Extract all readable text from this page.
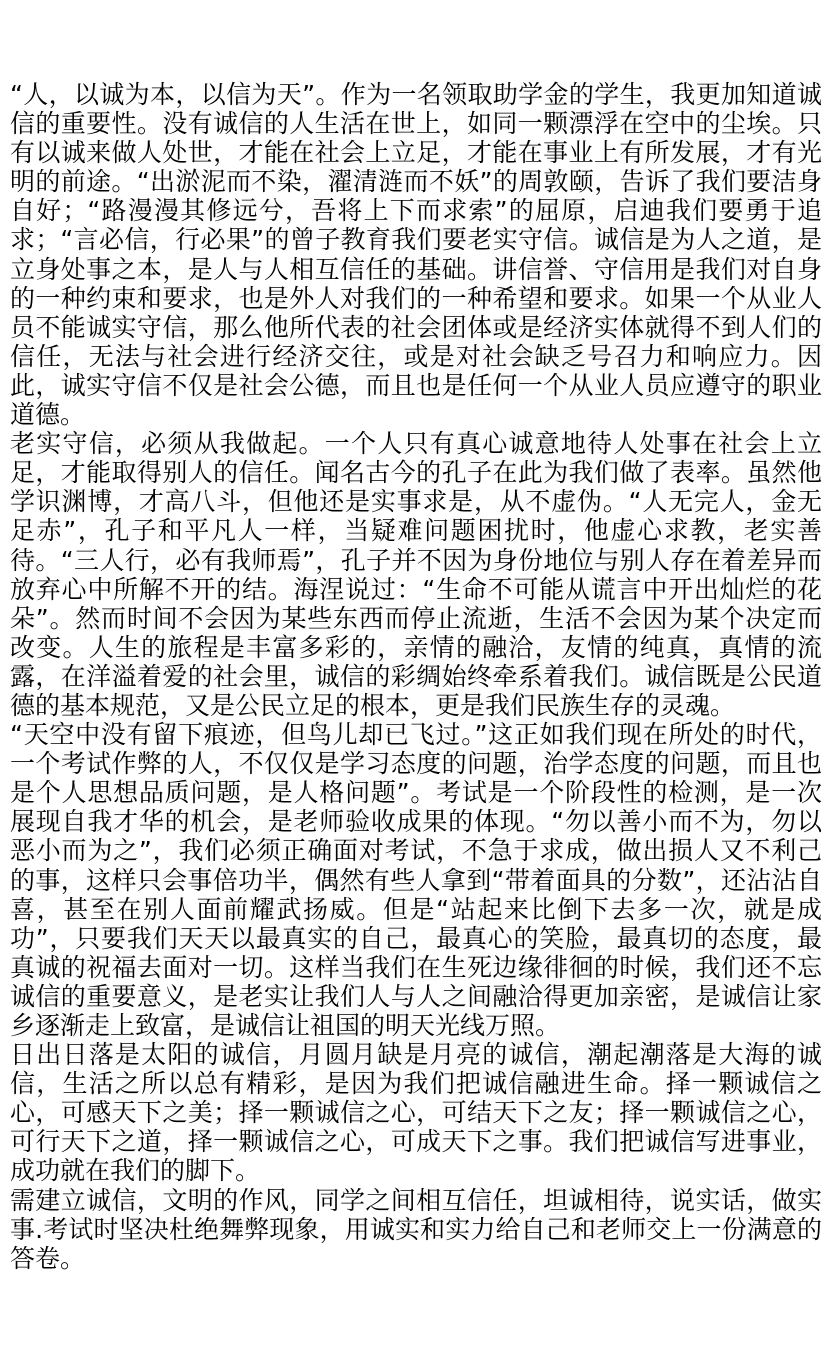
“人，以诚为本，以信为天”。作为一名领取助学金的学生，我更加知道诚信的重要性。没有诚信的人生活在世上，如同一颗漂浮在空中的尘埃。只有以诚来做人处世，才能在社会上立足，才能在事业上有所发展，才有光明的前途。“出淤泥而不染，濯清涟而不妖”的周敦颐，告诉了我们要洁身自好；“路漫漫其修远兮，吾将上下而求索”的屈原，启迪我们要勇于追求；“言必信，行必果”的曾子教育我们要老实守信。诚信是为人之道，是立身处事之本，是人与人相互信任的基础。讲信誉、守信用是我们对自身的一种约束和要求，也是外人对我们的一种希望和要求。如果一个从业人员不能诚实守信，那么他所代表的社会团体或是经济实体就得不到人们的信任，无法与社会进行经济交往，或是对社会缺乏号召力和响应力。因此，诚实守信不仅是社会公德，而且也是任何一个从业人员应遵守的职业道德。

老实守信，必须从我做起。一个人只有真心诚意地待人处事在社会上立足，才能取得别人的信任。闻名古今的孔子在此为我们做了表率。虽然他学识渊博，才高八斗，但他还是实事求是，从不虚伪。“人无完人，金无足赤”，孔子和平凡人一样，当疑难问题困扰时，他虚心求教，老实善待。“三人行，必有我师焉”，孔子并不因为身份地位与别人存在着差异而放弃心中所解不开的结。海涅说过：“生命不可能从谎言中开出灿烂的花朵”。然而时间不会因为某些东西而停止流逝，生活不会因为某个决定而改变。人生的旅程是丰富多彩的，亲情的融洽，友情的纯真，真情的流露，在洋溢着爱的社会里，诚信的彩绸始终牵系着我们。诚信既是公民道德的基本规范，又是公民立足的根本，更是我们民族生存的灵魂。

“天空中没有留下痕迹，但鸟儿却已飞过。”这正如我们现在所处的时代，一个考试作弊的人，不仅仅是学习态度的问题，治学态度的问题，而且也是个人思想品质问题，是人格问题”。考试是一个阶段性的检测，是一次展现自我才华的机会，是老师验收成果的体现。“勿以善小而不为，勿以恶小而为之”，我们必须正确面对考试，不急于求成，做出损人又不利己的事，这样只会事倍功半，偶然有些人拿到“带着面具的分数”，还沾沾自喜，甚至在别人面前耀武扬威。但是“站起来比倒下去多一次，就是成功”，只要我们天天以最真实的自己，最真心的笑脸，最真切的态度，最真诚的祝福去面对一切。这样当我们在生死边缘徘徊的时候，我们还不忘诚信的重要意义，是老实让我们人与人之间融洽得更加亲密，是诚信让家乡逐渐走上致富，是诚信让祖国的明天光线万照。

日出日落是太阳的诚信，月圆月缺是月亮的诚信，潮起潮落是大海的诚信，生活之所以总有精彩，是因为我们把诚信融进生命。择一颗诚信之心，可感天下之美；择一颗诚信之心，可结天下之友；择一颗诚信之心，可行天下之道，择一颗诚信之心，可成天下之事。我们把诚信写进事业，成功就在我们的脚下。

需建立诚信，文明的作风，同学之间相互信任，坦诚相待，说实话，做实事.考试时坚决杜绝舞弊现象，用诚实和实力给自己和老师交上一份满意的答卷。
